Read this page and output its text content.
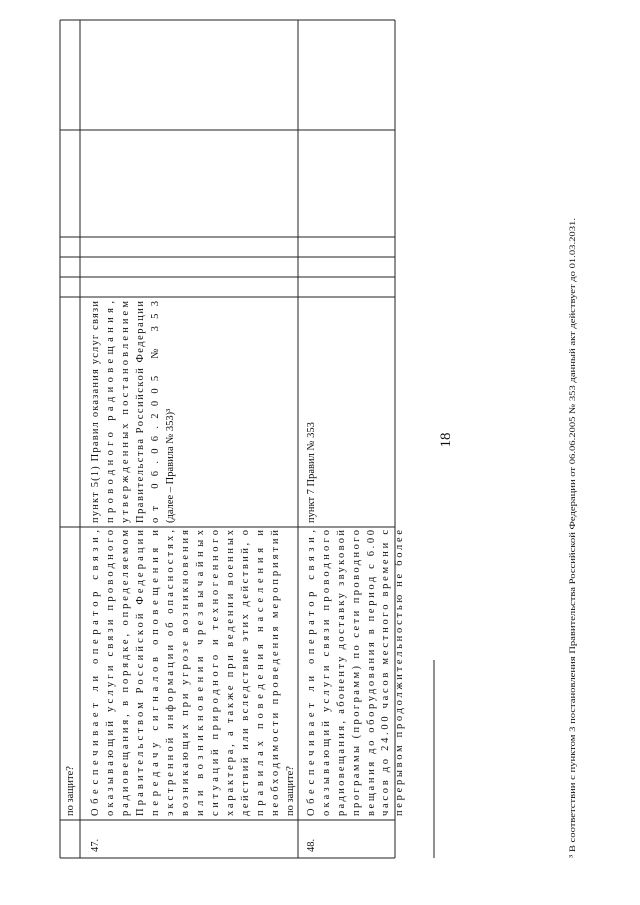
18
по защите?
47.
Обеспечивает ли оператор связи,
оказывающий услуги связи проводного
радиовещания, в порядке, определяемом
Правительством Российской Федерации
передачу сигналов оповещения и
экстренной информации об опасностях,
возникающих при угрозе возникновения
или возникновении чрезвычайных
ситуаций природного и техногенного
характера, а также при ведении военных
действий или вследствие этих действий, о
правилах поведения населения и
необходимости проведения мероприятий
по защите?
пункт 5(1) Правил оказания услуг связи
проводного радиовещания,
утвержденных постановлением
Правительства Российской Федерации
от 06.06.2005 № 353
(далее – Правила № 353)³
48.
Обеспечивает ли оператор связи,
оказывающий услуги связи проводного
радиовещания, абоненту доставку звуковой
программы (программ) по сети проводного
вещания до оборудования в период с 6.00
часов до 24.00 часов местного времени с
перерывом продолжительностью не более
пункт 7 Правил № 353	³ В соответствии с пунктом 3 постановления Правительства Российской Федерации от 06.06.2005 № 353 данный акт действует до 01.03.2031.
